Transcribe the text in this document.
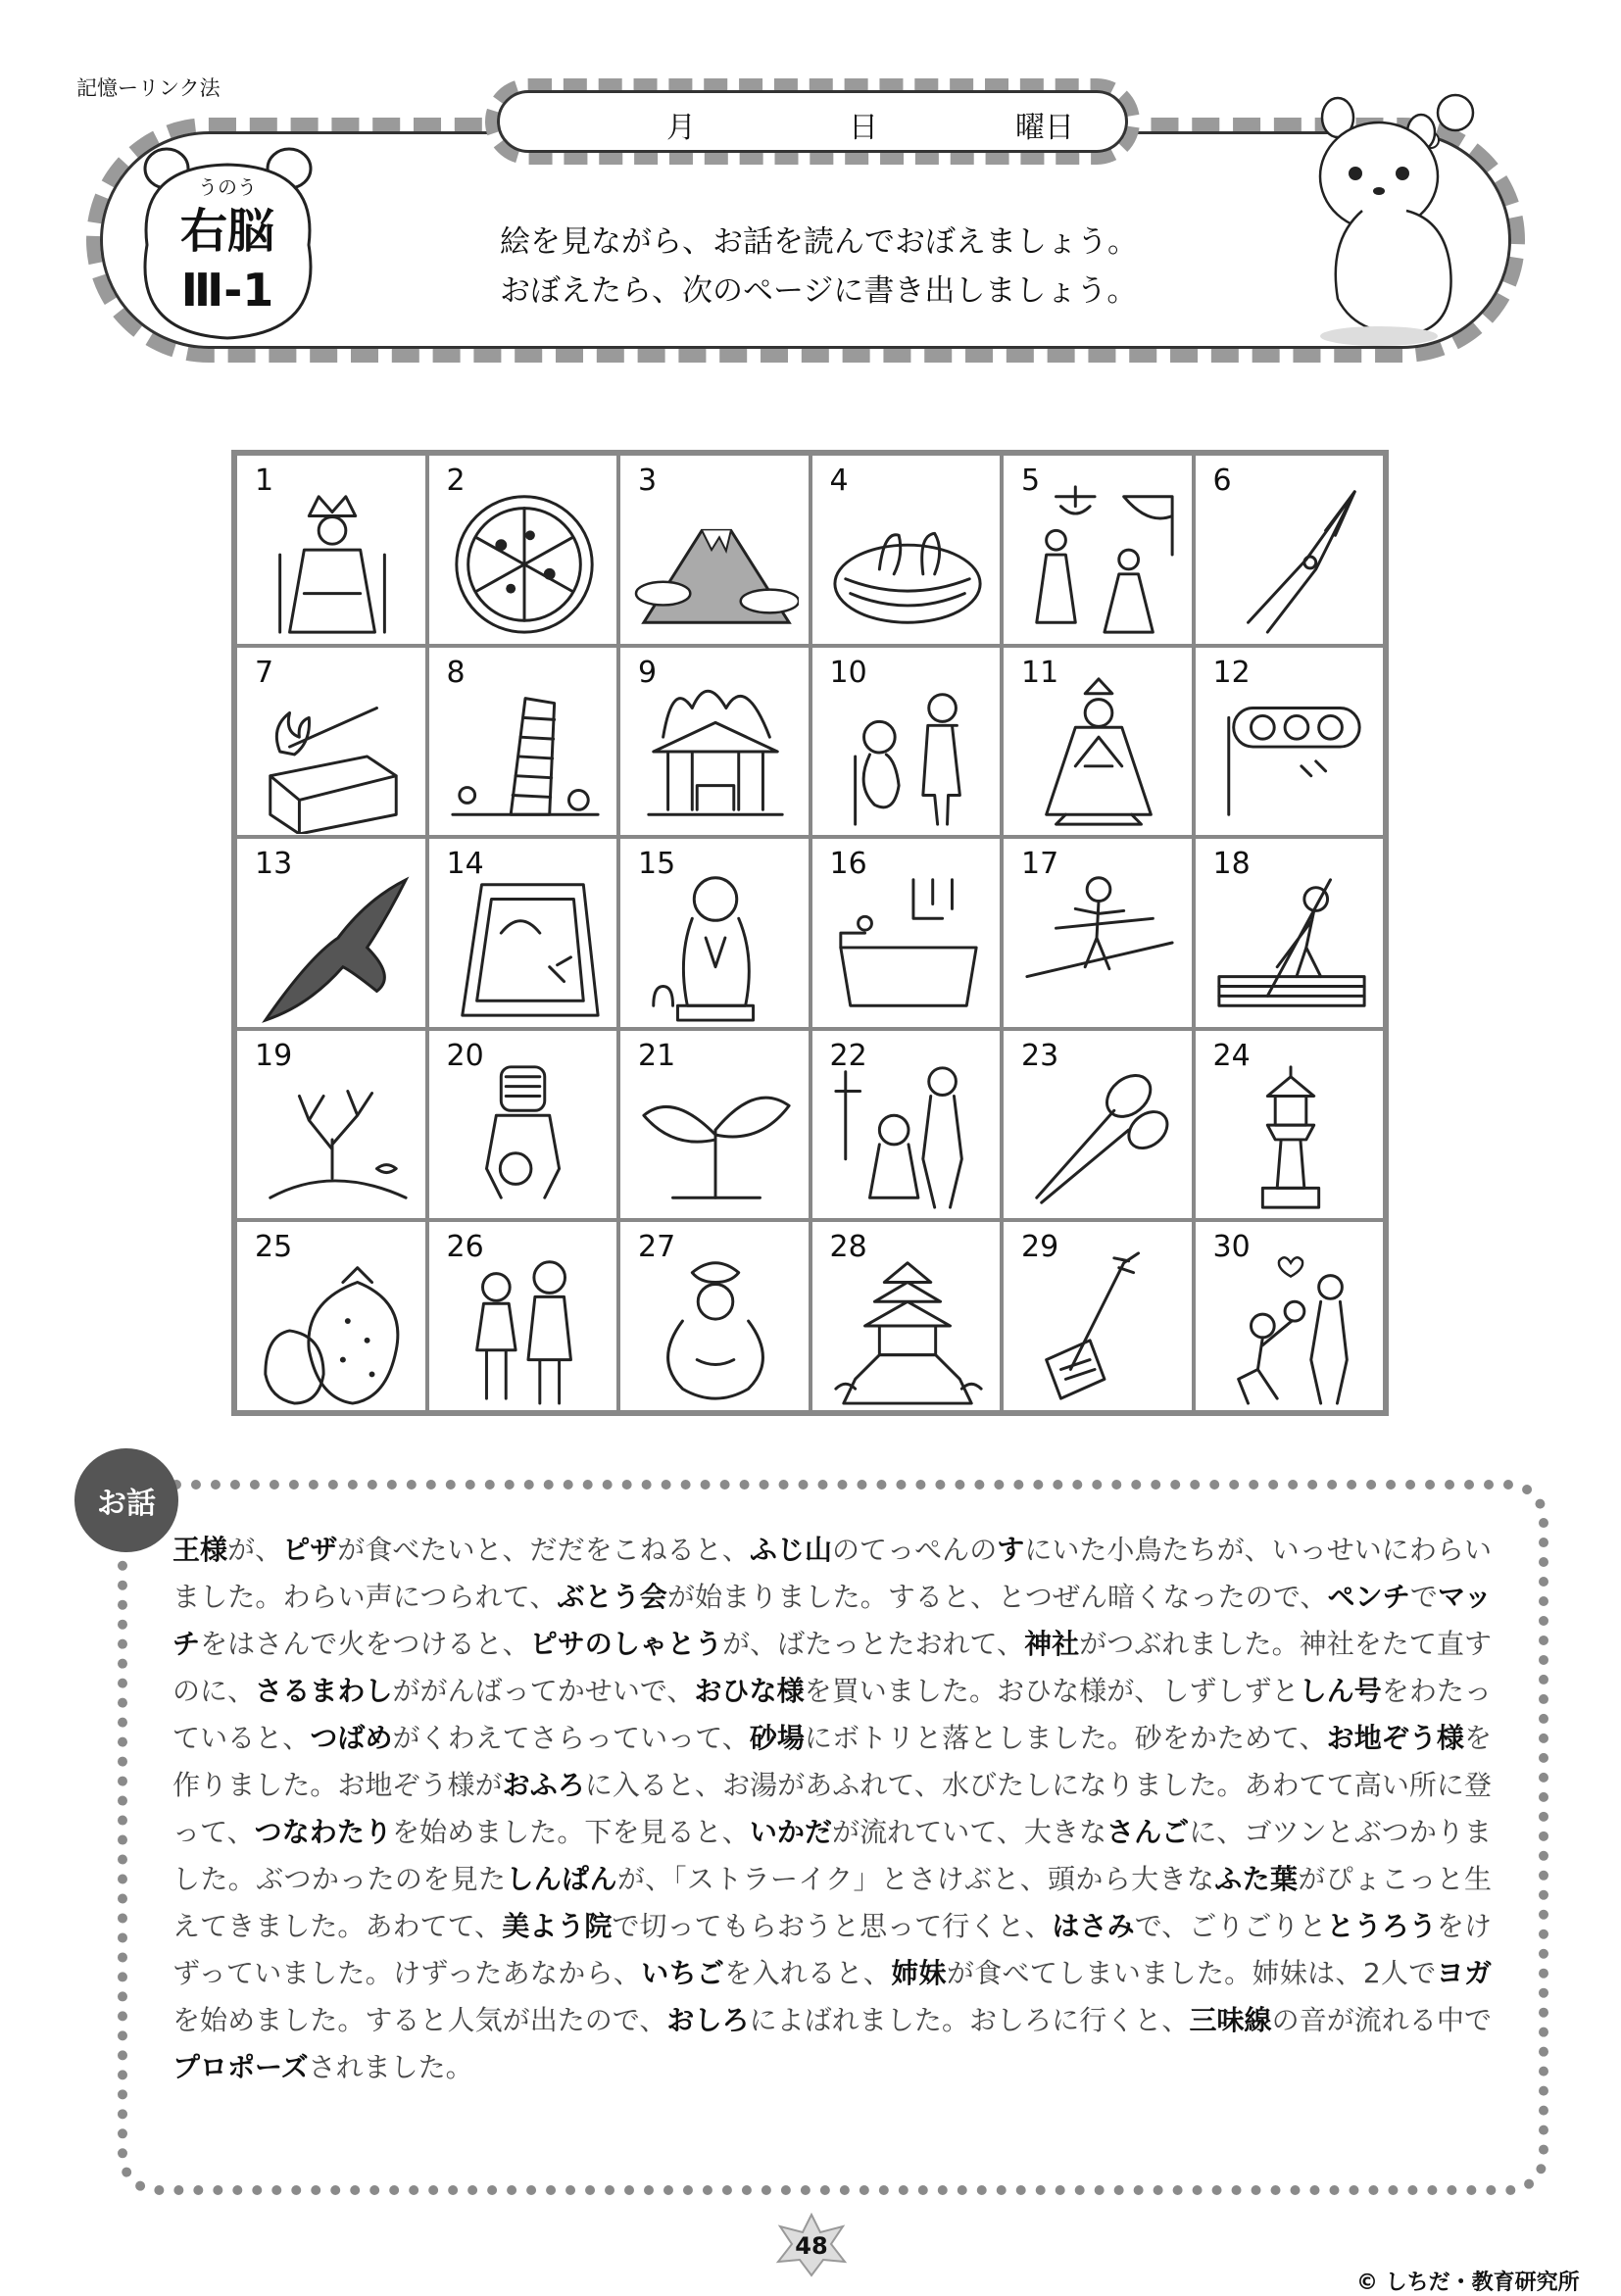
記憶ーリンク法
月	日	曜日
うのう
右脳
Ⅲ-1
絵を見ながら、お話を読んでおぼえましょう。
おぼえたら、次のページに書き出しましょう。
1	2	3	4	5	6
7	8	9	10	11	12
13	14	15	16	17	18
19	20	21	22	23	24
25	26	27	28	29	30
お話
王様が、ピザが食べたいと、だだをこねると、ふじ山のてっぺんのすにいた小鳥たちが、いっせいにわらいました。わらい声につられて、ぶとう会が始まりました。すると、とつぜん暗くなったので、ペンチでマッチをはさんで火をつけると、ピサのしゃとうが、ばたっとたおれて、神社がつぶれました。神社をたて直すのに、さるまわしががんばってかせいで、おひな様を買いました。おひな様が、しずしずとしん号をわたっていると、つばめがくわえてさらっていって、砂場にボトリと落としました。砂をかためて、お地ぞう様を作りました。お地ぞう様がおふろに入ると、お湯があふれて、水びたしになりました。あわてて高い所に登って、つなわたりを始めました。下を見ると、いかだが流れていて、大きなさんごに、ゴツンとぶつかりました。ぶつかったのを見たしんぱんが、「ストラーイク」とさけぶと、頭から大きなふた葉がぴょこっと生えてきました。あわてて、美よう院で切ってもらおうと思って行くと、はさみで、ごりごりととうろうをけずっていました。けずったあなから、いちごを入れると、姉妹が食べてしまいました。姉妹は、2人でヨガを始めました。すると人気が出たので、おしろによばれました。おしろに行くと、三味線の音が流れる中でプロポーズされました。
48
© しちだ・教育研究所
